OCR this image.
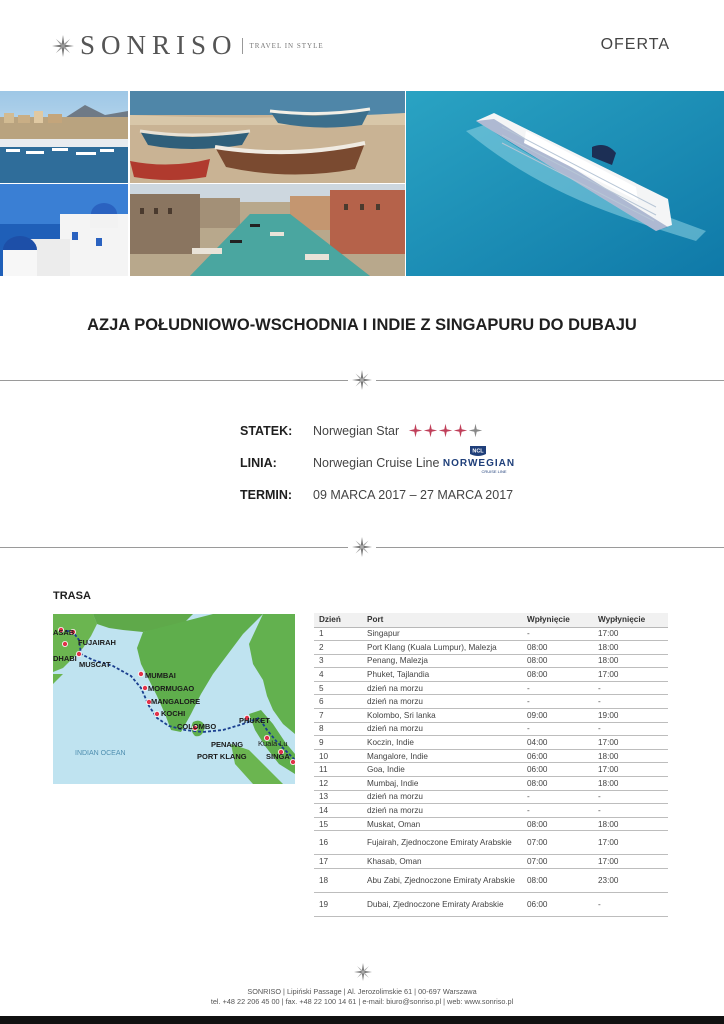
SONRISO TRAVEL IN STYLE	OFERTA
AZJA POŁUDNIOWO-WSCHODNIA I INDIE Z SINGAPURU DO DUBAJU
STATEK: Norwegian Star
LINIA:	Norwegian Cruise Line
NCL
NORWEGIAN
CRUISE LINE
TERMIN: 09 MARCA 2017 – 27 MARCA 2017
TRASA
ASAB
FUJAIRAH
DHABI
MUSCAT
MUMBAI
MORMUGAO
MANGALORE
KOCHI
COLOMBO
PHUKET
PENANG Kuala Lu
PORT KLANG	SINGA
INDIAN OCEAN
Dzień	Port	Wpłynięcie	Wypłynięcie
1	Singapur	-	17:00
2	Port Klang (Kuala Lumpur), Malezja	08:00	18:00
3	Penang, Malezja	08:00	18:00
4	Phuket, Tajlandia	08:00	17:00
5	dzień na morzu	-	-
6	dzień na morzu	-	-
7	Kolombo, Sri lanka	09:00	19:00
8	dzień na morzu	-	-
9	Koczin, Indie	04:00	17:00
10	Mangalore, Indie	06:00	18:00
11	Goa, Indie	06:00	17:00
12	Mumbaj, Indie	08:00	18:00
13	dzień na morzu	-	-
14	dzień na morzu	-	-
15	Muskat, Oman	08:00	18:00
16	Fujairah, Zjednoczone Emiraty Arabskie	07:00	17:00
17	Khasab, Oman	07:00	17:00
18	Abu Zabi, Zjednoczone Emiraty Arabskie	08:00	23:00
19	Dubai, Zjednoczone Emiraty Arabskie	06:00	-
SONRISO | Lipiński Passage | Al. Jerozolimskie 61 | 00-697 Warszawa
tel. +48 22 206 45 00 | fax. +48 22 100 14 61 | e-mail: biuro@sonriso.pl | web: www.sonriso.pl
